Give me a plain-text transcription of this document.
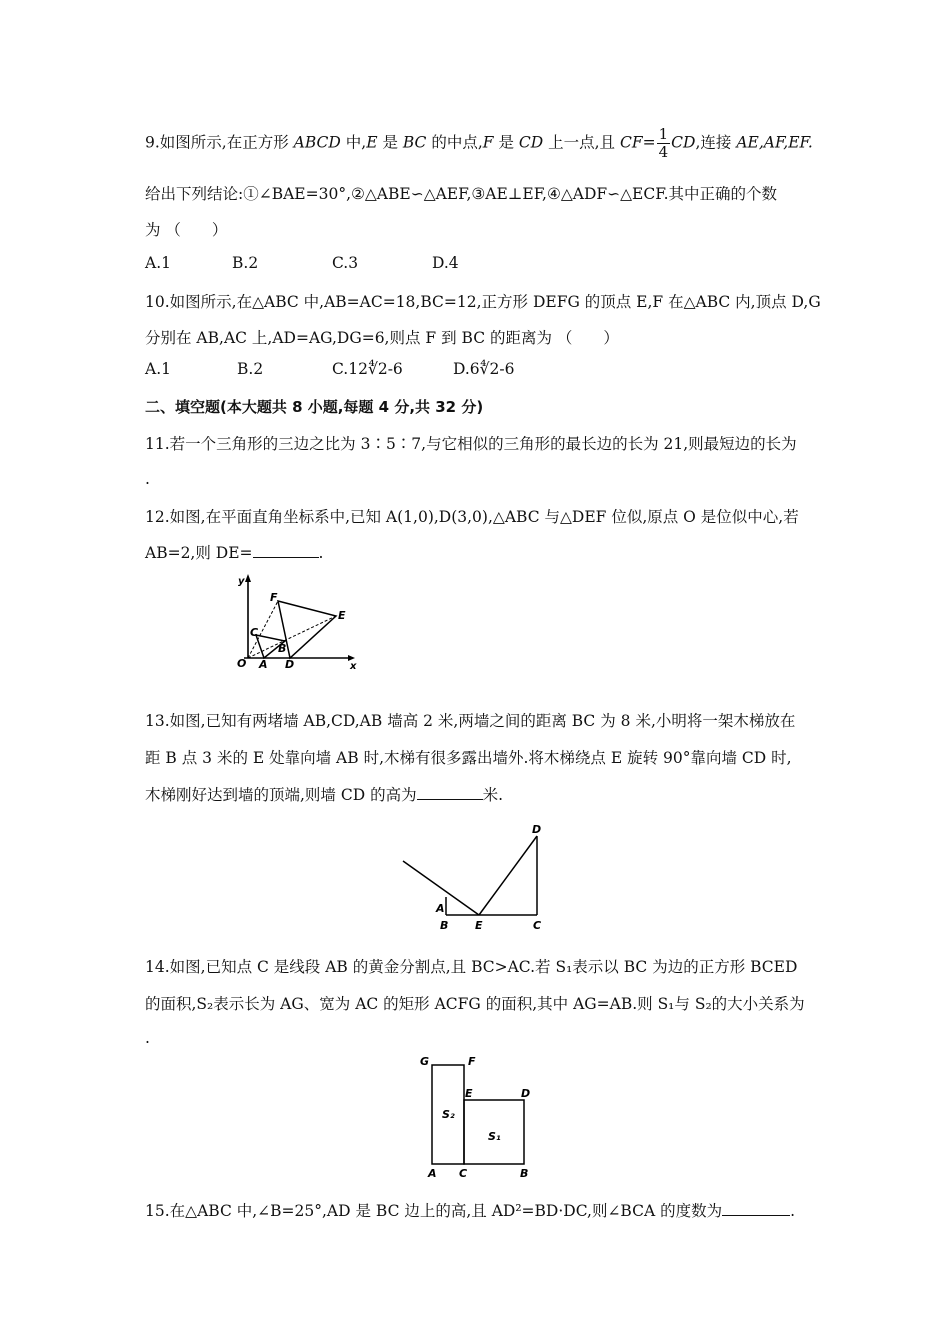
9.如图所示,在正方形 ABCD 中,E 是 BC 的中点,F 是 CD 上一点,且 $CF= \frac{1}{4}$ CD,连接 AE,AF,EF.
给出下列结论:①∠BAE=30°,②△ABE∽△AEF,③AE⊥EF,④△ADF∽△ECF.其中正确的个数
为 （　　）
A.1	B.2	C.3	D.4
10.如图所示,在△ABC 中,AB=AC=18,BC=12,正方形 DEFG 的顶点 E,F 在△ABC 内,顶点 D,G
分别在 AB,AC 上,AD=AG,DG=6,则点 F 到 BC 的距离为 （　　）
A.1	B.2	C.12∜2-6	D.6∜2-6
二、填空题(本大题共 8 小题,每题 4 分,共 32 分)
11.若一个三角形的三边之比为 3∶5∶7,与它相似的三角形的最长边的长为 21,则最短边的长为
.
12.如图,在平面直角坐标系中,已知 A(1,0),D(3,0),△ABC 与△DEF 位似,原点 O 是位似中心,若
AB=2,则 DE=	.
y
x
O A
B
C
D
E
F
13.如图,已知有两堵墙 AB,CD,AB 墙高 2 米,两墙之间的距离 BC 为 8 米,小明将一架木梯放在
距 B 点 3 米的 E 处靠向墙 AB 时,木梯有很多露出墙外.将木梯绕点 E 旋转 90°靠向墙 CD 时,
木梯刚好达到墙的顶端,则墙 CD 的高为	米.
A
B E	C
D
14.如图,已知点 C 是线段 AB 的黄金分割点,且 BC>AC.若 S₁表示以 BC 为边的正方形 BCED
的面积,S₂表示长为 AG、宽为 AC 的矩形 ACFG 的面积,其中 AG=AB.则 S₁与 S₂的大小关系为
.
G	F
E	D
A C	B
S₂
S₁
15.在△ABC 中,∠B=25°,AD 是 BC 边上的高,且 AD²=BD·DC,则∠BCA 的度数为	.
